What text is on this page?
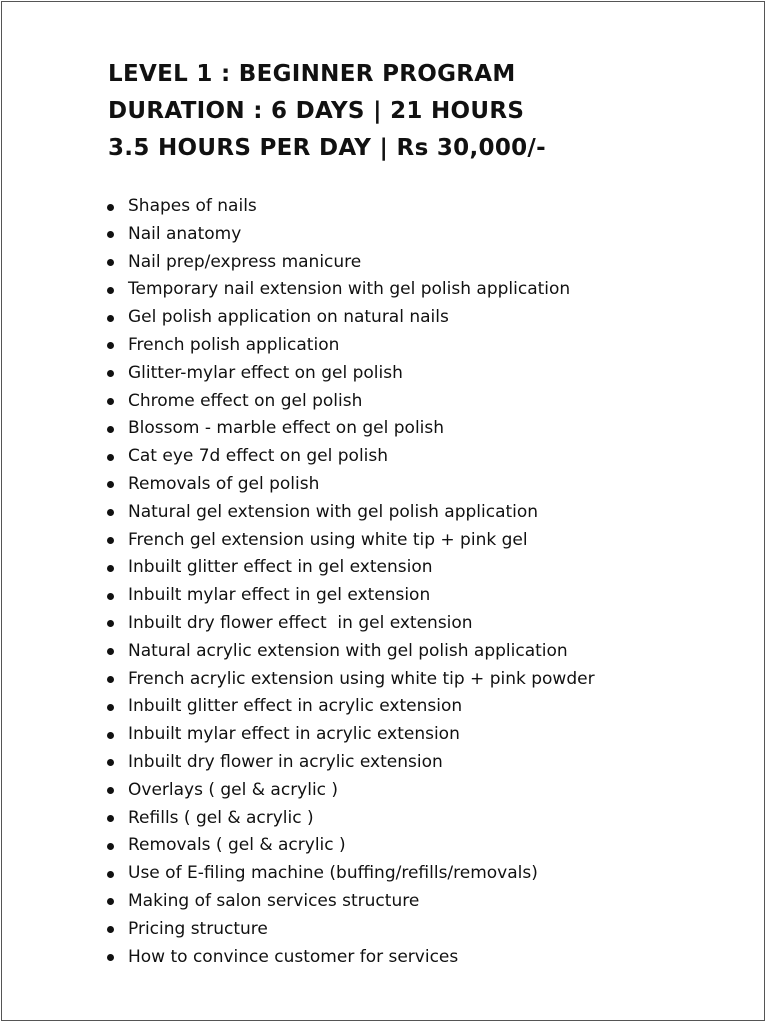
LEVEL 1 : BEGINNER PROGRAM
DURATION : 6 DAYS | 21 HOURS
3.5 HOURS PER DAY | Rs 30,000/-
Shapes of nails
Nail anatomy
Nail prep/express manicure
Temporary nail extension with gel polish application
Gel polish application on natural nails
French polish application
Glitter-mylar effect on gel polish
Chrome effect on gel polish
Blossom - marble effect on gel polish
Cat eye 7d effect on gel polish
Removals of gel polish
Natural gel extension with gel polish application
French gel extension using white tip + pink gel
Inbuilt glitter effect in gel extension
Inbuilt mylar effect in gel extension
Inbuilt dry flower effect  in gel extension
Natural acrylic extension with gel polish application
French acrylic extension using white tip + pink powder
Inbuilt glitter effect in acrylic extension
Inbuilt mylar effect in acrylic extension
Inbuilt dry flower in acrylic extension
Overlays ( gel & acrylic )
Refills ( gel & acrylic )
Removals ( gel & acrylic )
Use of E-filing machine (buffing/refills/removals)
Making of salon services structure
Pricing structure
How to convince customer for services
